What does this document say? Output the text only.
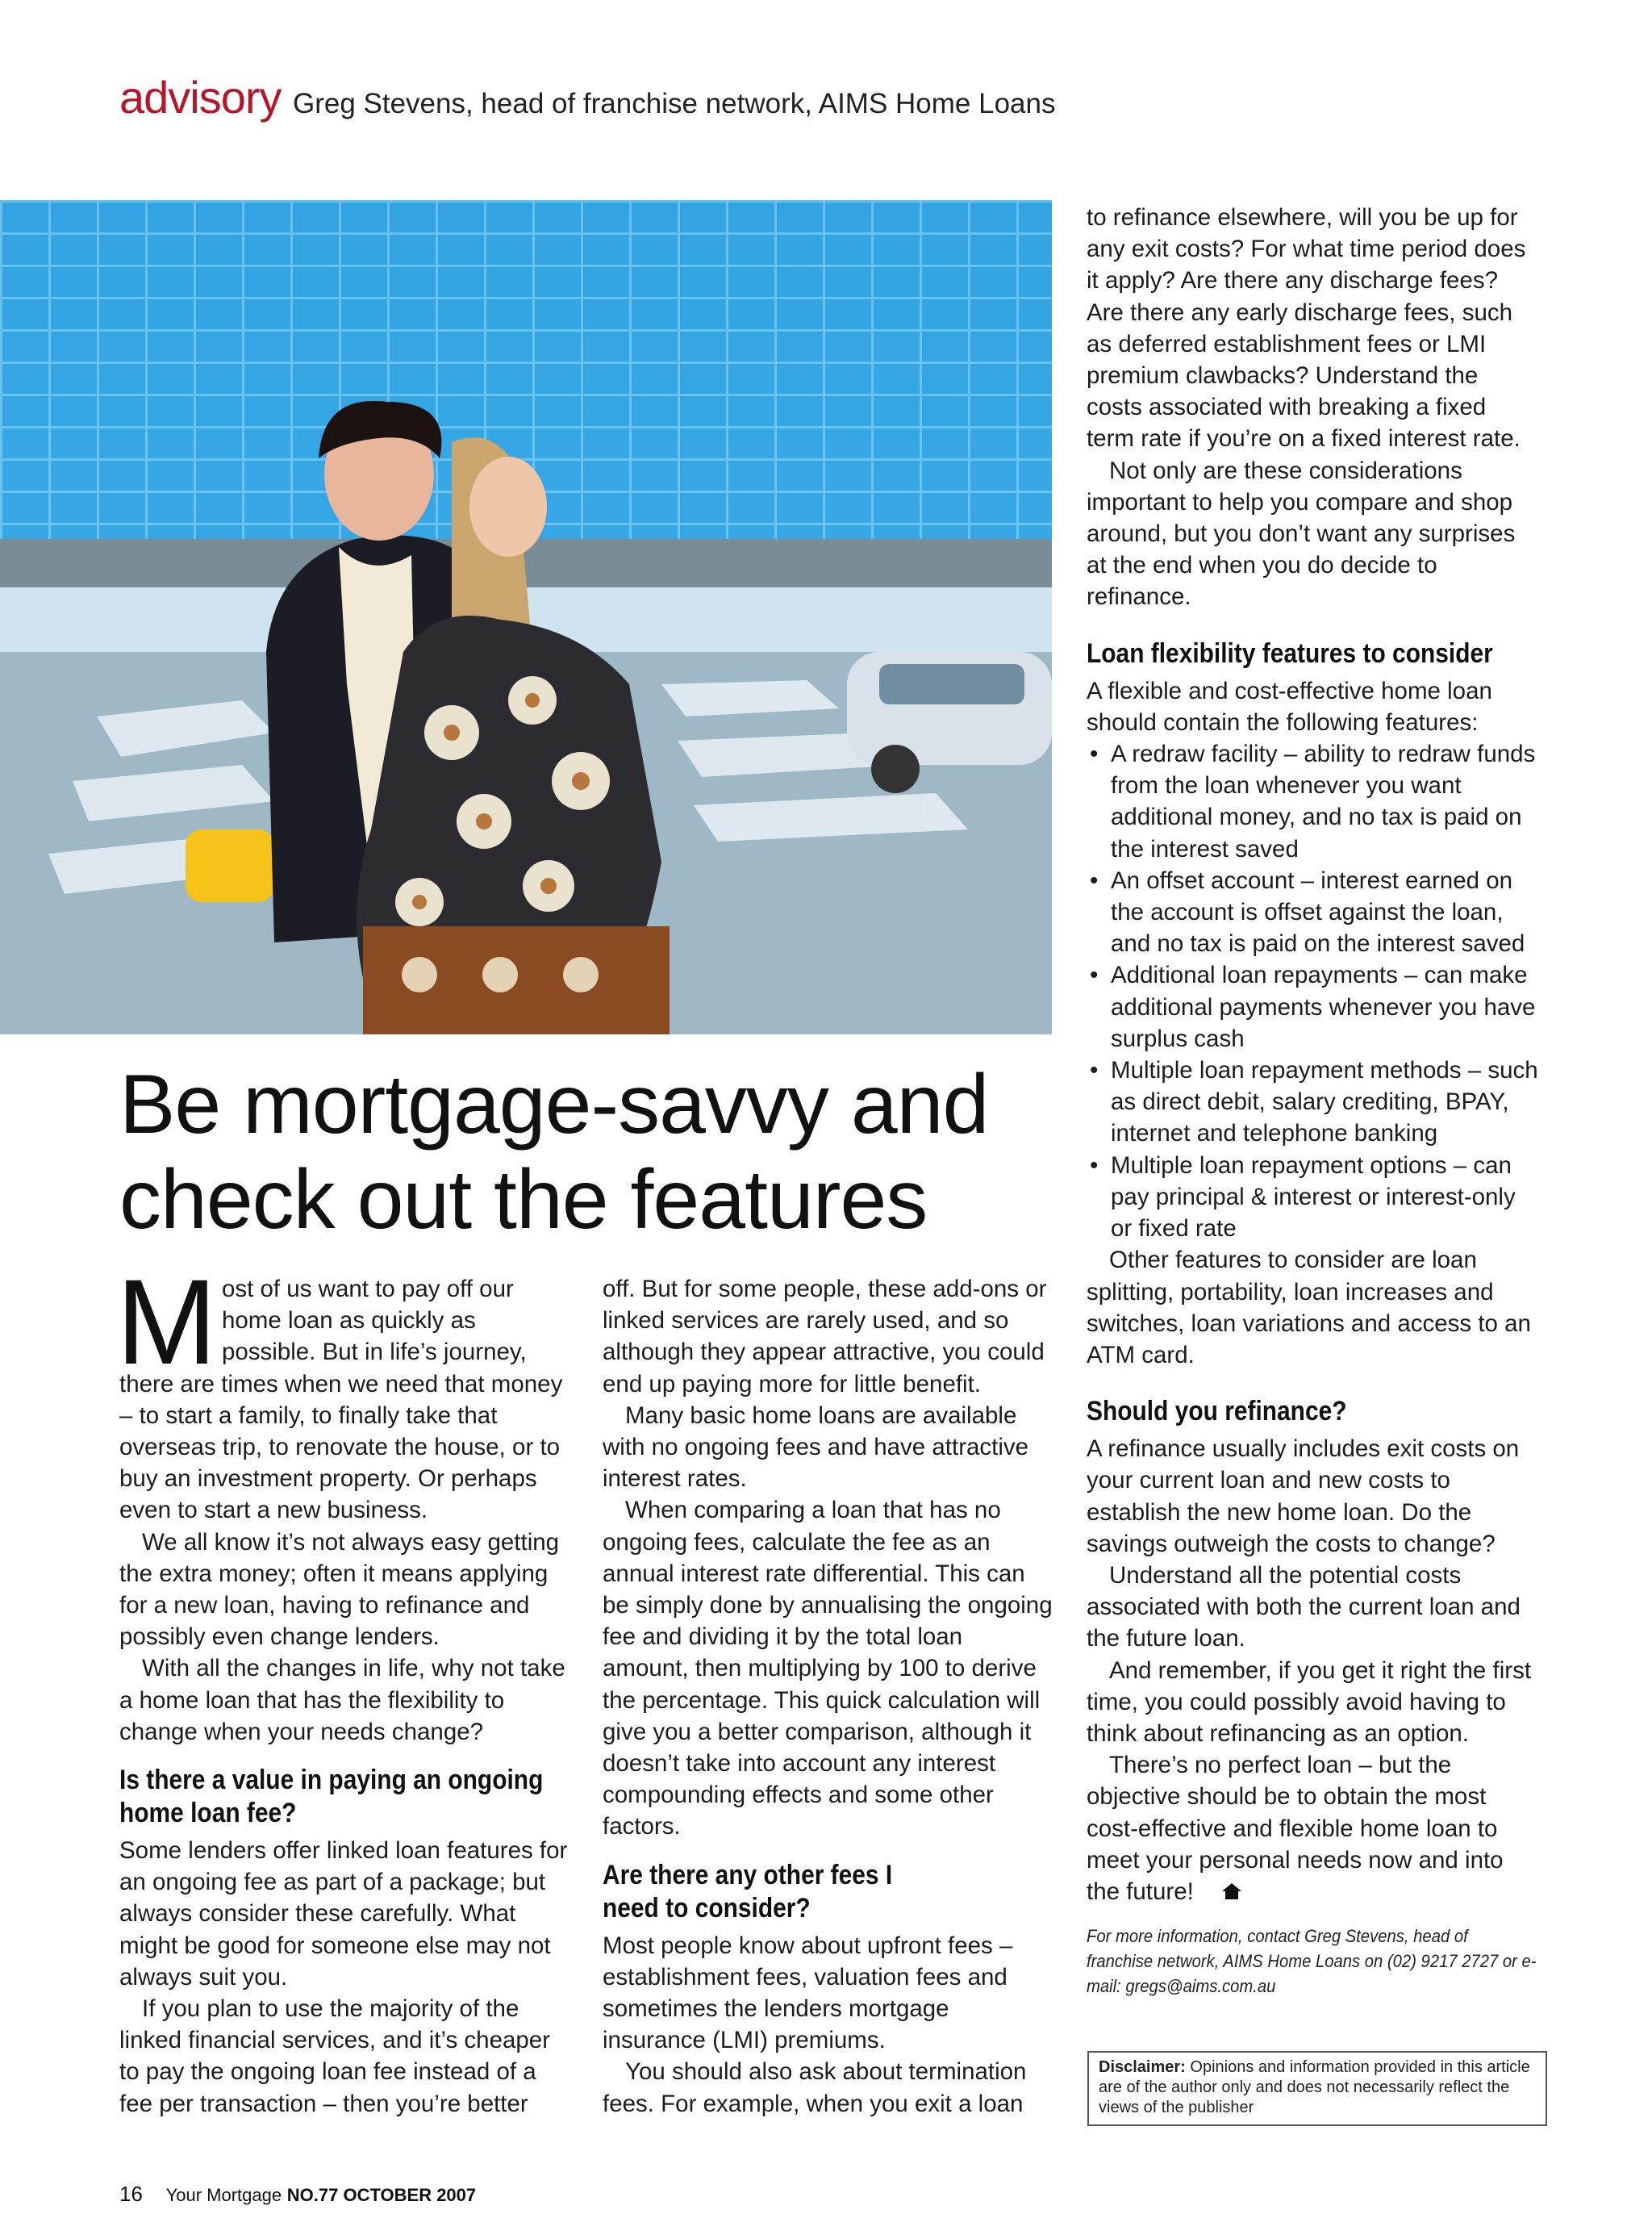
advisory Greg Stevens, head of franchise network, AIMS Home Loans
Be mortgage-savvy and check out the features

Most of us want to pay off our home loan as quickly as possible. But in life’s journey, there are times when we need that money – to start a family, to finally take that overseas trip, to renovate the house, or to buy an investment property. Or perhaps even to start a new business.

We all know it’s not always easy getting the extra money; often it means applying for a new loan, having to refinance and possibly even change lenders.

With all the changes in life, why not take a home loan that has the flexibility to change when your needs change?

Is there a value in paying an ongoing home loan fee?

Some lenders offer linked loan features for an ongoing fee as part of a package; but always consider these carefully. What might be good for someone else may not always suit you.

If you plan to use the majority of the linked financial services, and it’s cheaper to pay the ongoing loan fee instead of a fee per transaction – then you’re better

off. But for some people, these add-ons or linked services are rarely used, and so although they appear attractive, you could end up paying more for little benefit.

Many basic home loans are available with no ongoing fees and have attractive interest rates.

When comparing a loan that has no ongoing fees, calculate the fee as an annual interest rate differential. This can be simply done by annualising the ongoing fee and dividing it by the total loan amount, then multiplying by 100 to derive the percentage. This quick calculation will give you a better comparison, although it doesn’t take into account any interest compounding effects and some other factors.

Are there any other fees I need to consider?

Most people know about upfront fees – establishment fees, valuation fees and sometimes the lenders mortgage insurance (LMI) premiums.

You should also ask about termination fees. For example, when you exit a loan

to refinance elsewhere, will you be up for any exit costs? For what time period does it apply? Are there any discharge fees? Are there any early discharge fees, such as deferred establishment fees or LMI premium clawbacks? Understand the costs associated with breaking a fixed term rate if you’re on a fixed interest rate.

Not only are these considerations important to help you compare and shop around, but you don’t want any surprises at the end when you do decide to refinance.

Loan flexibility features to consider

A flexible and cost-effective home loan should contain the following features:

• A redraw facility – ability to redraw funds from the loan whenever you want additional money, and no tax is paid on the interest saved
• An offset account – interest earned on the account is offset against the loan, and no tax is paid on the interest saved
• Additional loan repayments – can make additional payments whenever you have surplus cash
• Multiple loan repayment methods – such as direct debit, salary crediting, BPAY, internet and telephone banking
• Multiple loan repayment options – can pay principal & interest or interest-only or fixed rate

Other features to consider are loan splitting, portability, loan increases and switches, loan variations and access to an ATM card.

Should you refinance?

A refinance usually includes exit costs on your current loan and new costs to establish the new home loan. Do the savings outweigh the costs to change?

Understand all the potential costs associated with both the current loan and the future loan.

And remember, if you get it right the first time, you could possibly avoid having to think about refinancing as an option.

There’s no perfect loan – but the objective should be to obtain the most cost-effective and flexible home loan to meet your personal needs now and into the future!

For more information, contact Greg Stevens, head of franchise network, AIMS Home Loans on (02) 9217 2727 or e-mail: gregs@aims.com.au
Disclaimer: Opinions and information provided in this article are of the author only and does not necessarily reflect the views of the publisher
16 Your Mortgage NO.77 OCTOBER 2007
